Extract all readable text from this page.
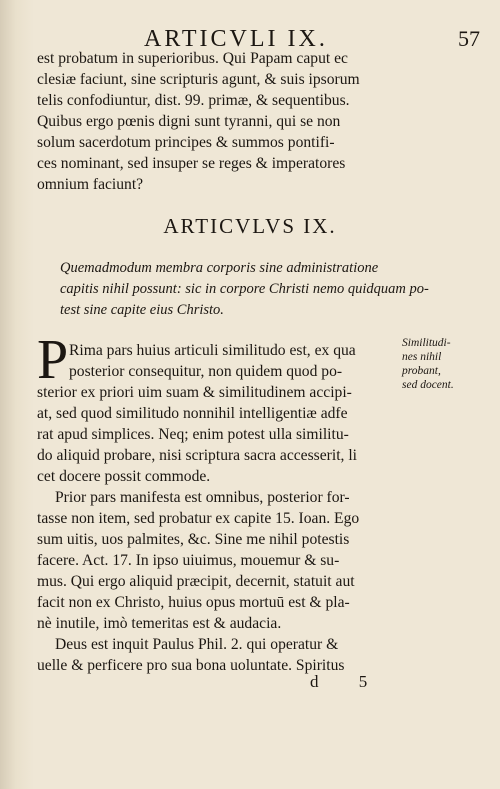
ARTICVLI IX.	57

est probatum in superioribus. Qui Papam caput ec

clesiæ faciunt, sine scripturis agunt, & suis ipsorum

telis confodiuntur, dist. 99. primæ, & sequentibus.

Quibus ergo pœnis digni sunt tyranni, qui se non

solum sacerdotum principes & summos pontifi-

ces nominant, sed insuper se reges & imperatores

omnium faciunt?

ARTICVLVS IX.

Quemadmodum membra corporis sine administratione

capitis nihil possunt: sic in corpore Christi nemo quidquam po-

test sine capite eius Christo.

P Rima pars huius articuli similitudo est, ex qua

posterior consequitur, non quidem quod po-

sterior ex priori uim suam & similitudinem accipi-

at, sed quod similitudo nonnihil intelligentiæ adfe

rat apud simplices. Neq; enim potest ulla similitu-

do aliquid probare, nisi scriptura sacra accesserit, li

cet docere possit commode.

Prior pars manifesta est omnibus, posterior for-

tasse non item, sed probatur ex capite 15. Ioan. Ego

sum uitis, uos palmites, &c. Sine me nihil potestis

facere. Act. 17. In ipso uiuimus, mouemur & su-

mus. Qui ergo aliquid præcipit, decernit, statuit aut

facit non ex Christo, huius opus mortuū est & pla-

nè inutile, imò temeritas est & audacia.

Deus est inquit Paulus Phil. 2. qui operatur &

uelle & perficere pro sua bona uoluntate. Spiritus

Similitudi-

nes nihil

probant,

sed docent.

d 5
